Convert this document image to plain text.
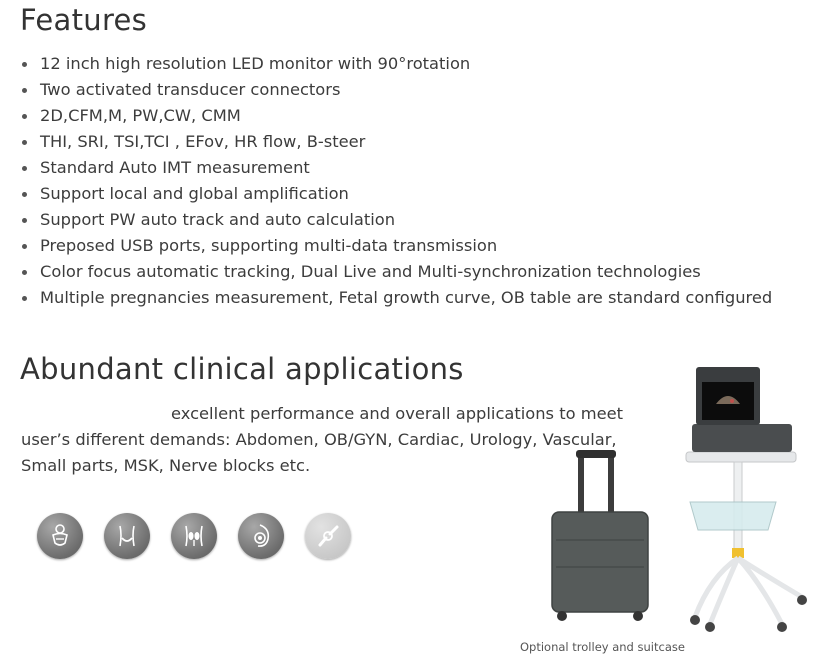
Features
12 inch high resolution LED monitor with 90°rotation
Two activated transducer connectors
2D,CFM,M, PW,CW, CMM
THI, SRI, TSI,TCI , EFov, HR flow, B-steer
Standard Auto IMT measurement
Support local and global amplification
Support PW auto track and auto calculation
Preposed USB ports, supporting multi-data transmission
Color focus automatic tracking, Dual Live and Multi-synchronization technologies
Multiple pregnancies measurement, Fetal growth curve, OB table are standard configured
Abundant clinical applications

excellent performance and overall applications to meet
user’s different demands: Abdomen, OB/GYN, Cardiac, Urology, Vascular,
Small parts, MSK, Nerve blocks etc.

Optional trolley and suitcase
